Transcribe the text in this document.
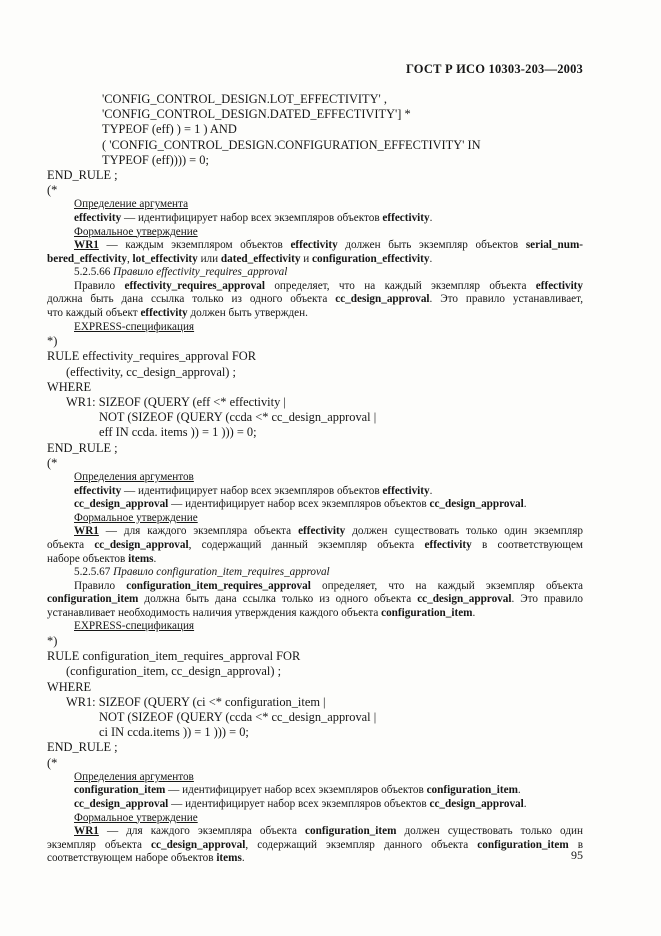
ГОСТ Р ИСО 10303-203—2003
'CONFIG_CONTROL_DESIGN.LOT_EFFECTIVITY' ,
'CONFIG_CONTROL_DESIGN.DATED_EFFECTIVITY'] *
TYPEOF (eff) ) = 1 ) AND
( 'CONFIG_CONTROL_DESIGN.CONFIGURATION_EFFECTIVITY' IN
TYPEOF (eff)))) = 0;
END_RULE ;
(*
Определение аргумента
effectivity — идентифицирует набор всех экземпляров объектов effectivity.
Формальное утверждение
WR1 — каждым экземпляром объектов effectivity должен быть экземпляр объектов serial_num-
bered_effectivity, lot_effectivity или dated_effectivity и configuration_effectivity.
5.2.5.66 Правило effectivity_requires_approval
Правило effectivity_requires_approval определяет, что на каждый экземпляр объекта effectivity
должна быть дана ссылка только из одного объекта cc_design_approval. Это правило устанавливает,
что каждый объект effectivity должен быть утвержден.
EXPRESS-спецификация
*)
RULE effectivity_requires_approval FOR
(effectivity, cc_design_approval) ;
WHERE
WR1: SIZEOF (QUERY (eff <* effectivity |
NOT (SIZEOF (QUERY (ccda <* cc_design_approval |
eff IN ccda. items )) = 1 ))) = 0;
END_RULE ;
(*
Определения аргументов
effectivity — идентифицирует набор всех экземпляров объектов effectivity.
cc_design_approval — идентифицирует набор всех экземпляров объектов cc_design_approval.
Формальное утверждение
WR1 — для каждого экземпляра объекта effectivity должен существовать только один экземпляр
объекта cc_design_approval, содержащий данный экземпляр объекта effectivity в соответствующем
наборе объектов items.
5.2.5.67 Правило configuration_item_requires_approval
Правило configuration_item_requires_approval определяет, что на каждый экземпляр объекта
configuration_item должна быть дана ссылка только из одного объекта cc_design_approval. Это правило
устанавливает необходимость наличия утверждения каждого объекта configuration_item.
EXPRESS-спецификация
*)
RULE configuration_item_requires_approval FOR
(configuration_item, cc_design_approval) ;
WHERE
WR1: SIZEOF (QUERY (ci <* configuration_item |
NOT (SIZEOF (QUERY (ccda <* cc_design_approval |
ci IN ccda.items )) = 1 ))) = 0;
END_RULE ;
(*
Определения аргументов
configuration_item — идентифицирует набор всех экземпляров объектов configuration_item.
cc_design_approval — идентифицирует набор всех экземпляров объектов cc_design_approval.
Формальное утверждение
WR1 — для каждого экземпляра объекта configuration_item должен существовать только один
экземпляр объекта cc_design_approval, содержащий экземпляр данного объекта configuration_item в
соответствующем наборе объектов items.	95
